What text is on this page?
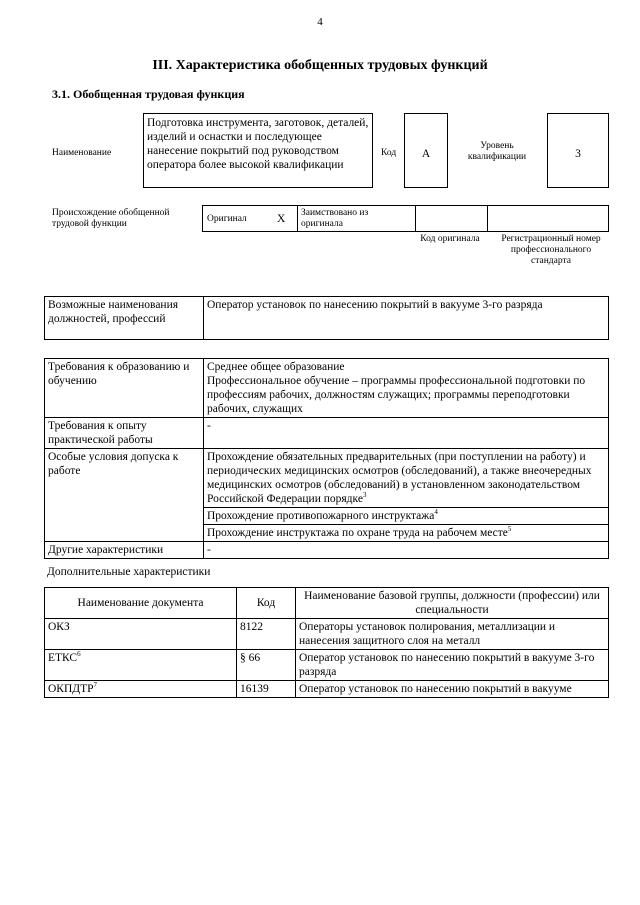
4
III. Характеристика обобщенных трудовых функций
3.1. Обобщенная трудовая функция
Наименование
Подготовка инструмента, заготовок, деталей, изделий и оснастки и последующее нанесение покрытий под руководством оператора более высокой квалификации
Код	А
Уровень квалификации	3
Происхождение обобщенной трудовой функции	Оригинал	X Заимствовано из оригинала
Код оригинала	Регистрационный номер профессионального стандарта
Возможные наименования должностей, профессий	Оператор установок по нанесению покрытий в вакууме 3-го разряда
Требования к образованию и обучению	Среднее общее образование
Профессиональное обучение – программы профессиональной подготовки по профессиям рабочих, должностям служащих; программы переподготовки рабочих, служащих

Требования к опыту практической работы	-
Особые условия допуска к работе	Прохождение обязательных предварительных (при поступлении на работу) и периодических медицинских осмотров (обследований), а также внеочередных медицинских осмотров (обследований) в установленном законодательством Российской Федерации порядке$^3$
	Прохождение противопожарного инструктажа$^4$
	Прохождение инструктажа по охране труда на рабочем месте$^5$
Другие характеристики	-
Дополнительные характеристики
Наименование документа	Код	Наименование базовой группы, должности (профессии) или специальности
ОКЗ	8122	Операторы установок полирования, металлизации и нанесения защитного слоя на металл
ЕТКС$^6$	§ 66	Оператор установок по нанесению покрытий в вакууме 3-го разряда
ОКПДТР$^7$	16139	Оператор установок по нанесению покрытий в вакууме
